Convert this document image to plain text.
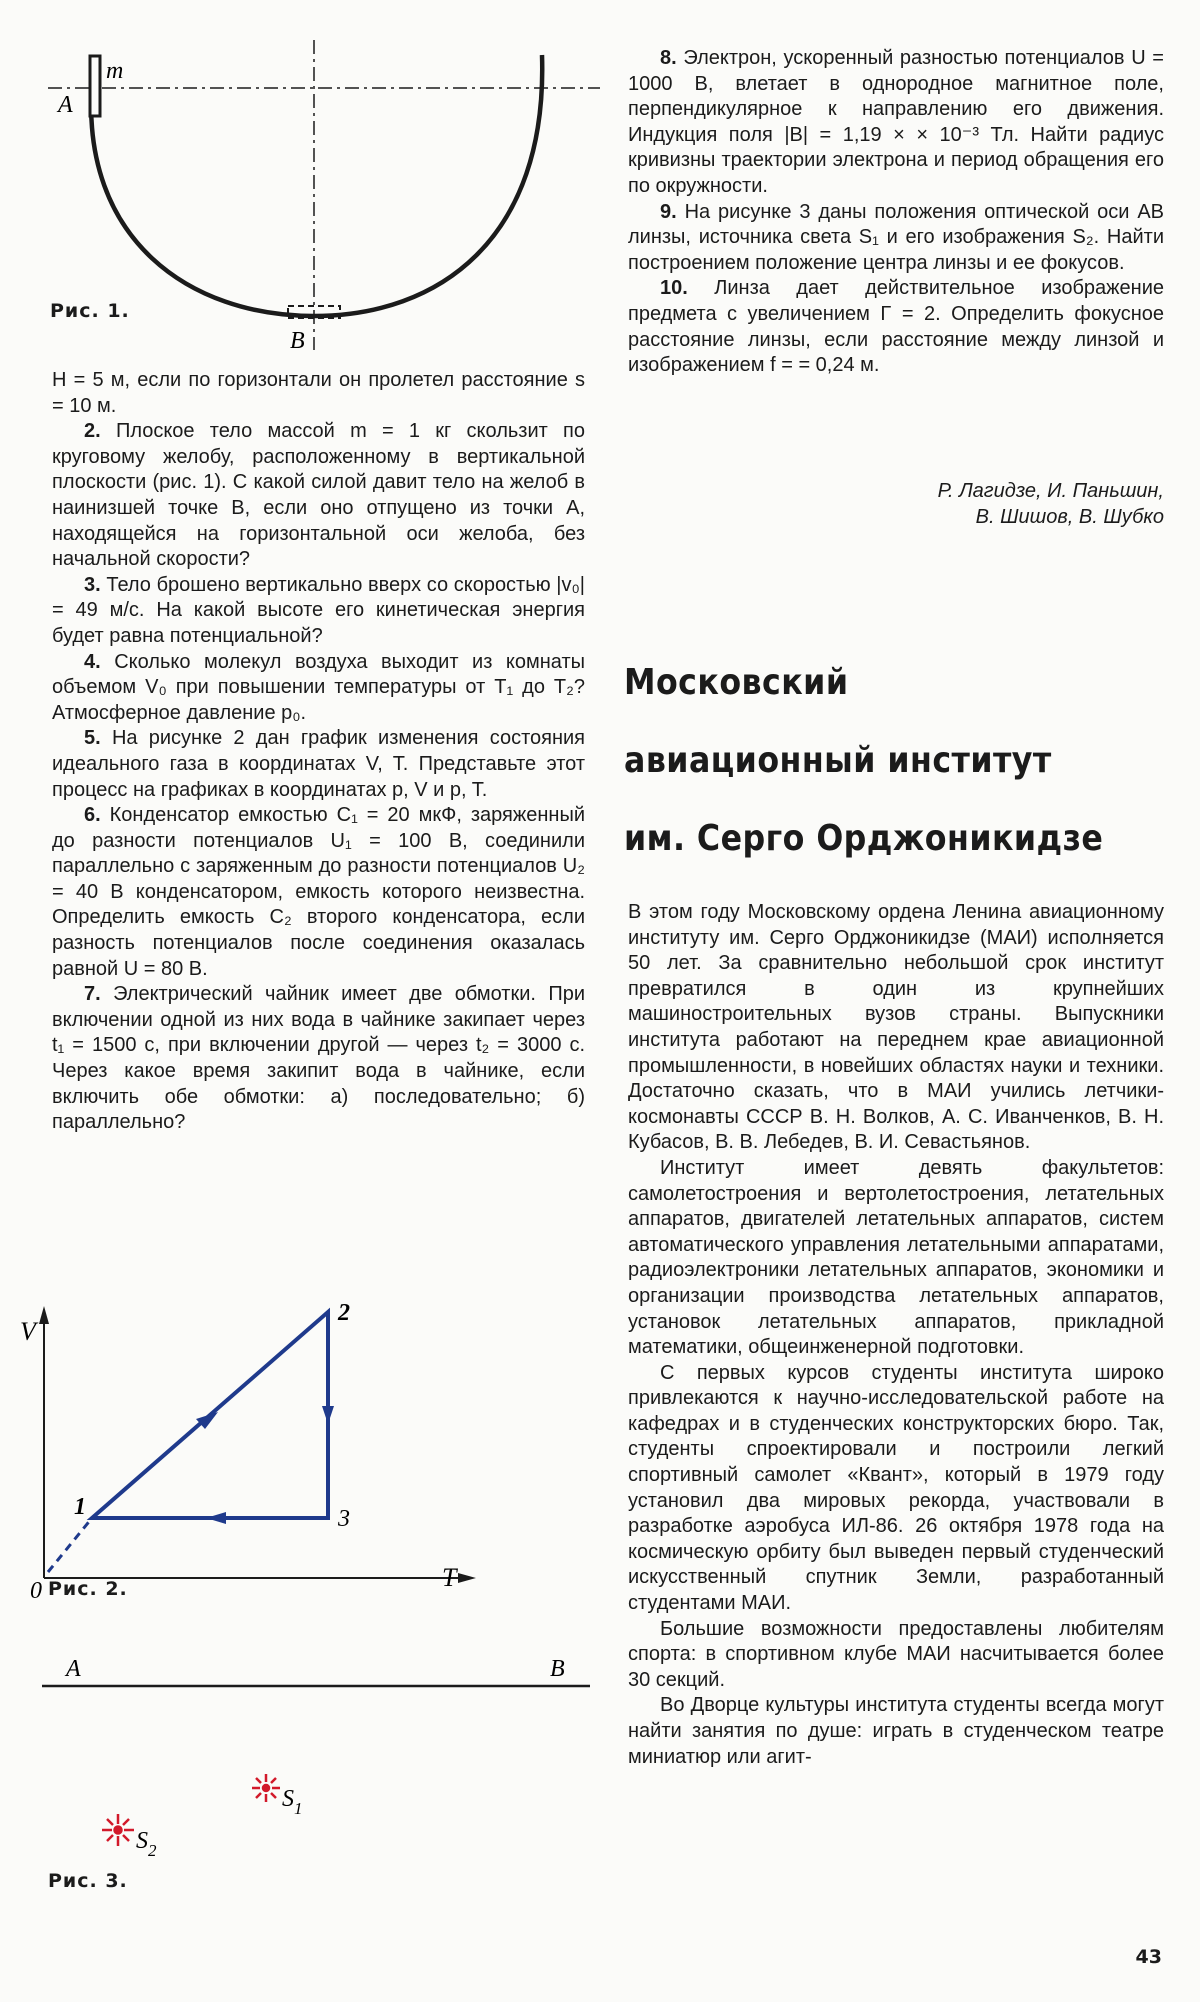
m
A
B
Рис. 1.

H = 5 м, если по горизонтали он пролетел расстояние s = 10 м.

2. Плоское тело массой m = 1 кг скользит по круговому желобу, расположенному в вертикальной плоскости (рис. 1). С какой силой давит тело на желоб в наинизшей точке B, если оно отпущено из точки A, находящейся на горизонтальной оси желоба, без начальной скорости?

3. Тело брошено вертикально вверх со скоростью |v₀| = 49 м/с. На какой высоте его кинетическая энергия будет равна потенциальной?

4. Сколько молекул воздуха выходит из комнаты объемом V₀ при повышении температуры от T₁ до T₂? Атмосферное давление p₀.

5. На рисунке 2 дан график изменения состояния идеального газа в координатах V, T. Представьте этот процесс на графиках в координатах p, V и p, T.

6. Конденсатор емкостью C₁ = 20 мкФ, заряженный до разности потенциалов U₁ = 100 В, соединили параллельно с заряженным до разности потенциалов U₂ = 40 В конденсатором, емкость которого неизвестна. Определить емкость C₂ второго конденсатора, если разность потенциалов после соединения оказалась равной U = 80 В.

7. Электрический чайник имеет две обмотки. При включении одной из них вода в чайнике закипает через t₁ = 1500 с, при включении другой — через t₂ = 3000 с. Через какое время закипит вода в чайнике, если включить обе обмотки: а) последовательно; б) параллельно?

V
T
0
1
2
3
Рис. 2.
A	B
$S_1$
$S_2$
Рис. 3.

8. Электрон, ускоренный разностью потенциалов U = 1000 В, влетает в однородное магнитное поле, перпендикулярное к направлению его движения. Индукция поля |B| = 1,19 × × 10⁻³ Тл. Найти радиус кривизны траектории электрона и период обращения его по окружности.

9. На рисунке 3 даны положения оптической оси AB линзы, источника света S₁ и его изображения S₂. Найти построением положение центра линзы и ее фокусов.

10. Линза дает действительное изображение предмета с увеличением Γ = 2. Определить фокусное расстояние линзы, если расстояние между линзой и изображением f = = 0,24 м.

Р. Лагидзе, И. Паньшин,
В. Шишов, В. Шубко
Московский
авиационный институт
им. Серго Орджоникидзе

В этом году Московскому ордена Ленина авиационному институту им. Серго Орджоникидзе (МАИ) исполняется 50 лет. За сравнительно небольшой срок институт превратился в один из крупнейших машиностроительных вузов страны. Выпускники института работают на переднем крае авиационной промышленности, в новейших областях науки и техники. Достаточно сказать, что в МАИ учились летчики-космонавты СССР В. Н. Волков, А. С. Иванченков, В. Н. Кубасов, В. В. Лебедев, В. И. Севастьянов.

Институт имеет девять факультетов: самолетостроения и вертолетостроения, летательных аппаратов, двигателей летательных аппаратов, систем автоматического управления летательными аппаратами, радиоэлектроники летательных аппаратов, экономики и организации производства летательных аппаратов, установок летательных аппаратов, прикладной математики, общеинженерной подготовки.

С первых курсов студенты института широко привлекаются к научно-исследовательской работе на кафедрах и в студенческих конструкторских бюро. Так, студенты спроектировали и построили легкий спортивный самолет «Квант», который в 1979 году установил два мировых рекорда, участвовали в разработке аэробуса ИЛ-86. 26 октября 1978 года на космическую орбиту был выведен первый студенческий искусственный спутник Земли, разработанный студентами МАИ.

Большие возможности предоставлены любителям спорта: в спортивном клубе МАИ насчитывается более 30 секций.

Во Дворце культуры института студенты всегда могут найти занятия по душе: играть в студенческом театре миниатюр или агит-

43
